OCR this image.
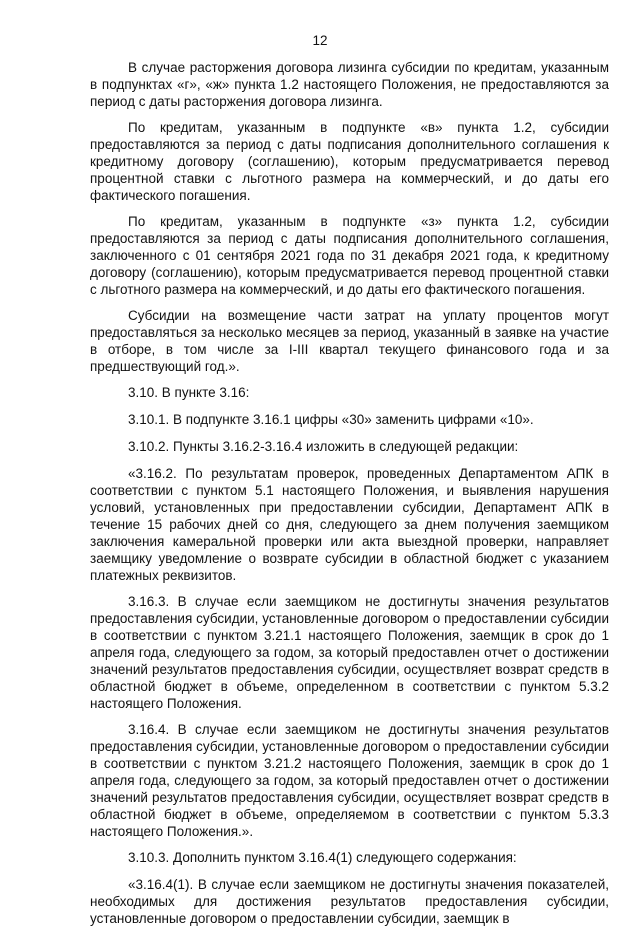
12

В случае расторжения договора лизинга субсидии по кредитам, указанным в подпунктах «г», «ж» пункта 1.2 настоящего Положения, не предоставляются за период с даты расторжения договора лизинга.

По кредитам, указанным в подпункте «в» пункта 1.2, субсидии предоставляются за период с даты подписания дополнительного соглашения к кредитному договору (соглашению), которым предусматривается перевод процентной ставки с льготного размера на коммерческий, и до даты его фактического погашения.

По кредитам, указанным в подпункте «з» пункта 1.2, субсидии предоставляются за период с даты подписания дополнительного соглашения, заключенного с 01 сентября 2021 года по 31 декабря 2021 года, к кредитному договору (соглашению), которым предусматривается перевод процентной ставки с льготного размера на коммерческий, и до даты его фактического погашения.

Субсидии на возмещение части затрат на уплату процентов могут предоставляться за несколько месяцев за период, указанный в заявке на участие в отборе, в том числе за I-III квартал текущего финансового года и за предшествующий год.».

3.10. В пункте 3.16:

3.10.1. В подпункте 3.16.1 цифры «30» заменить цифрами «10».

3.10.2. Пункты 3.16.2-3.16.4 изложить в следующей редакции:

«3.16.2. По результатам проверок, проведенных Департаментом АПК в соответствии с пунктом 5.1 настоящего Положения, и выявления нарушения условий, установленных при предоставлении субсидии, Департамент АПК в течение 15 рабочих дней со дня, следующего за днем получения заемщиком заключения камеральной проверки или акта выездной проверки, направляет заемщику уведомление о возврате субсидии в областной бюджет с указанием платежных реквизитов.

3.16.3. В случае если заемщиком не достигнуты значения результатов предоставления субсидии, установленные договором о предоставлении субсидии в соответствии с пунктом 3.21.1 настоящего Положения, заемщик в срок до 1 апреля года, следующего за годом, за который предоставлен отчет о достижении значений результатов предоставления субсидии, осуществляет возврат средств в областной бюджет в объеме, определенном в соответствии с пунктом 5.3.2 настоящего Положения.

3.16.4. В случае если заемщиком не достигнуты значения результатов предоставления субсидии, установленные договором о предоставлении субсидии в соответствии с пунктом 3.21.2 настоящего Положения, заемщик в срок до 1 апреля года, следующего за годом, за который предоставлен отчет о достижении значений результатов предоставления субсидии, осуществляет возврат средств в областной бюджет в объеме, определяемом в соответствии с пунктом 5.3.3 настоящего Положения.».

3.10.3. Дополнить пунктом 3.16.4(1) следующего содержания:

«3.16.4(1). В случае если заемщиком не достигнуты значения показателей, необходимых для достижения результатов предоставления субсидии, установленные договором о предоставлении субсидии, заемщик в
